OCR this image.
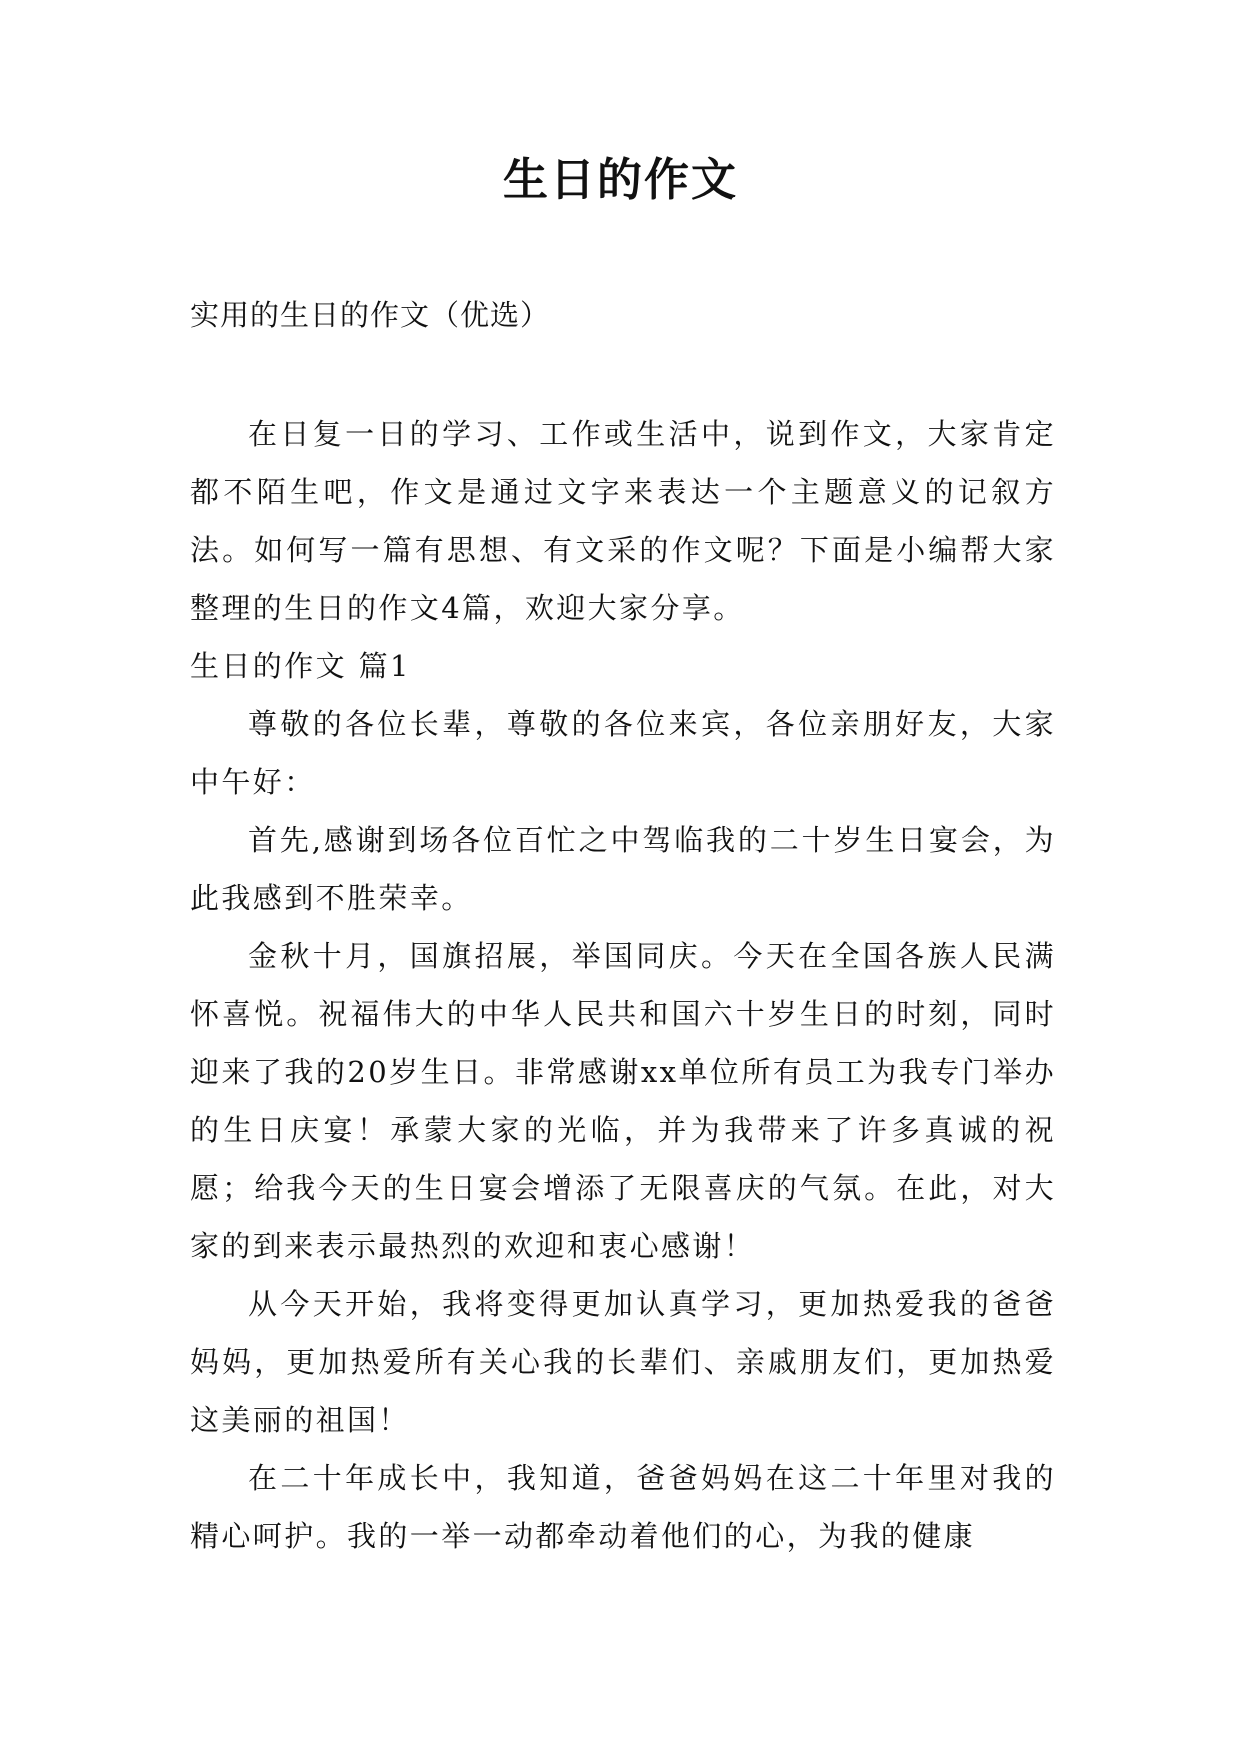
生日的作文

实用的生日的作文（优选）

在日复一日的学习、工作或生活中，说到作文，大家肯定都不陌生吧，作文是通过文字来表达一个主题意义的记叙方法。如何写一篇有思想、有文采的作文呢？下面是小编帮大家整理的生日的作文4篇，欢迎大家分享。

生日的作文 篇1

尊敬的各位长辈，尊敬的各位来宾，各位亲朋好友，大家中午好：

首先,感谢到场各位百忙之中驾临我的二十岁生日宴会，为此我感到不胜荣幸。

金秋十月，国旗招展，举国同庆。今天在全国各族人民满怀喜悦。祝福伟大的中华人民共和国六十岁生日的时刻，同时迎来了我的20岁生日。非常感谢xx单位所有员工为我专门举办的生日庆宴！承蒙大家的光临，并为我带来了许多真诚的祝愿；给我今天的生日宴会增添了无限喜庆的气氛。在此，对大家的到来表示最热烈的欢迎和衷心感谢！

从今天开始，我将变得更加认真学习，更加热爱我的爸爸妈妈，更加热爱所有关心我的长辈们、亲戚朋友们，更加热爱这美丽的祖国！

在二十年成长中，我知道，爸爸妈妈在这二十年里对我的精心呵护。我的一举一动都牵动着他们的心，为我的健康
